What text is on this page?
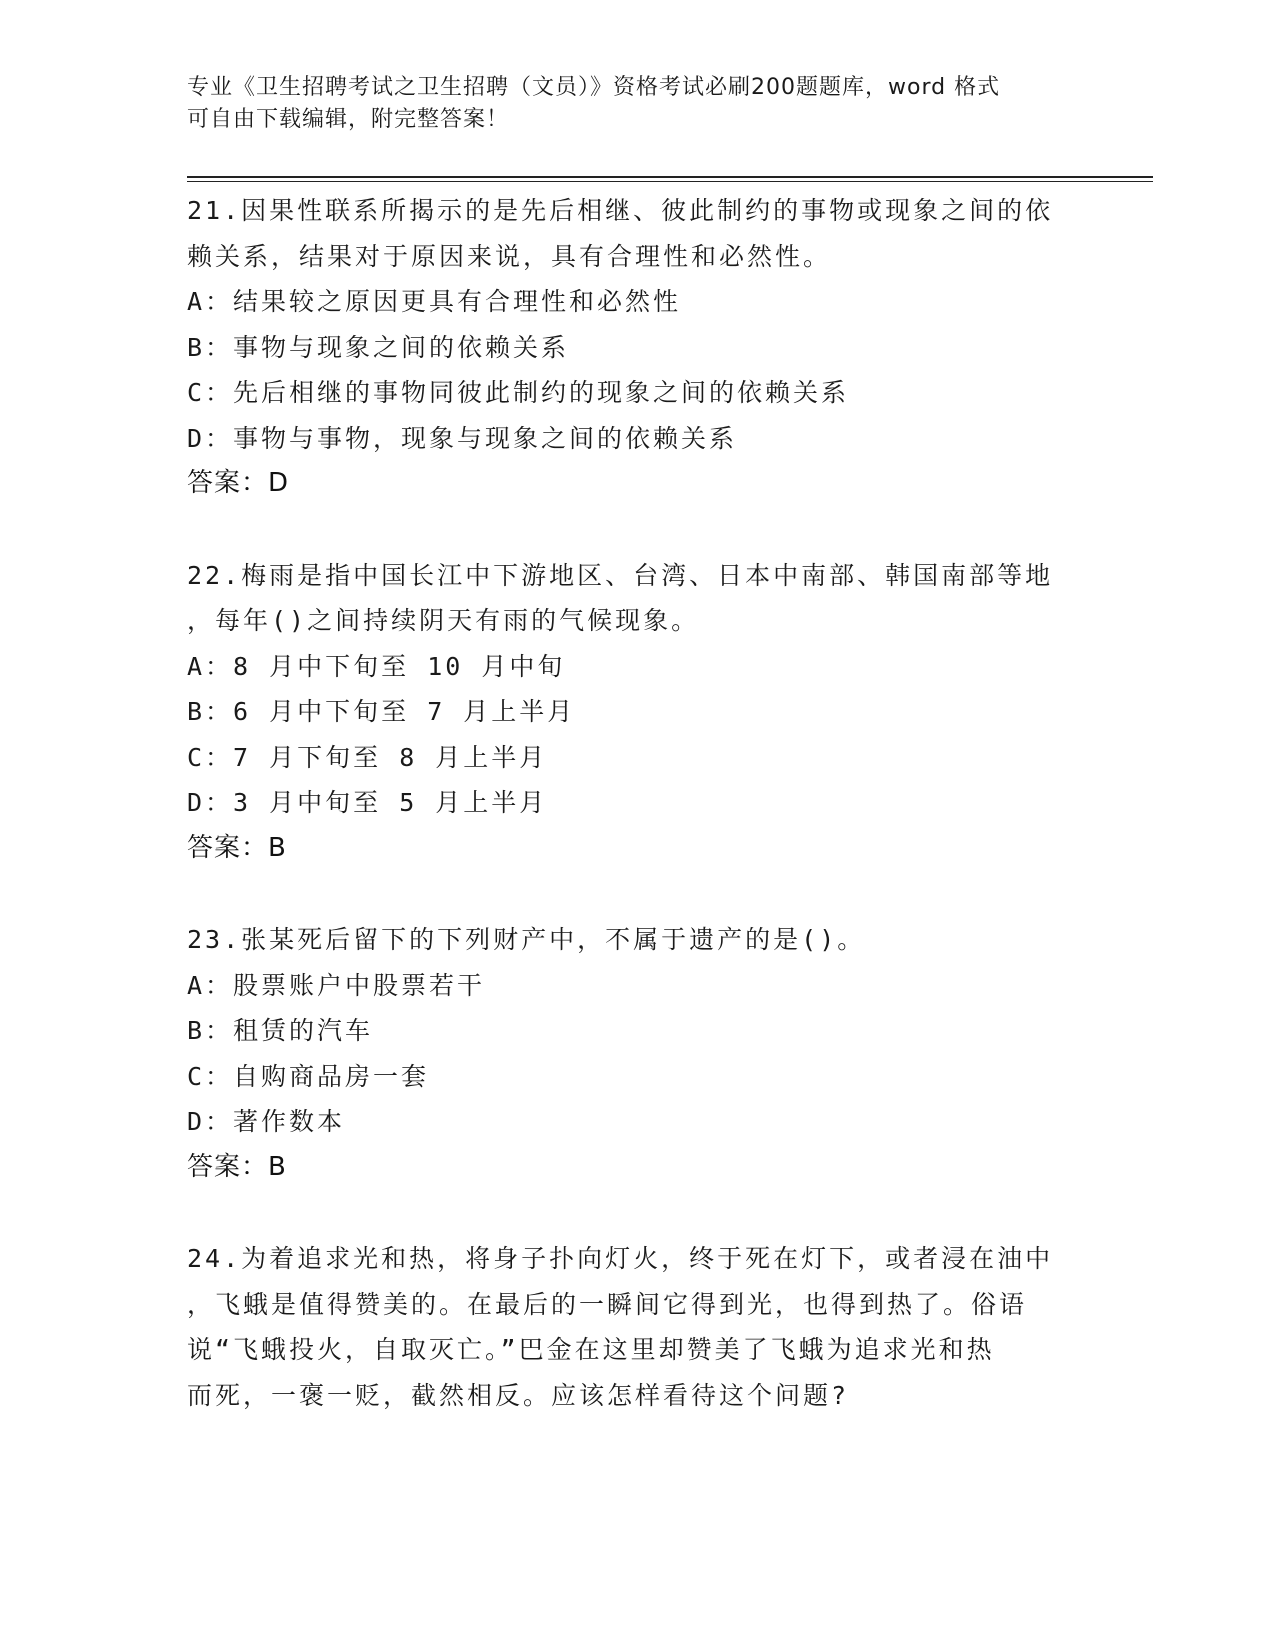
专业《卫生招聘考试之卫生招聘（文员）》资格考试必刷200题题库，word 格式
可自由下载编辑，附完整答案！
21.因果性联系所揭示的是先后相继、彼此制约的事物或现象之间的依
赖关系，结果对于原因来说，具有合理性和必然性。
A：结果较之原因更具有合理性和必然性
B：事物与现象之间的依赖关系
C：先后相继的事物同彼此制约的现象之间的依赖关系
D：事物与事物，现象与现象之间的依赖关系
答案：D
22.梅雨是指中国长江中下游地区、台湾、日本中南部、韩国南部等地
，每年()之间持续阴天有雨的气候现象。
A：8 月中下旬至 10 月中旬
B：6 月中下旬至 7 月上半月
C：7 月下旬至 8 月上半月
D：3 月中旬至 5 月上半月
答案：B
23.张某死后留下的下列财产中，不属于遗产的是()。
A：股票账户中股票若干
B：租赁的汽车
C：自购商品房一套
D：著作数本
答案：B
24.为着追求光和热，将身子扑向灯火，终于死在灯下，或者浸在油中
，飞蛾是值得赞美的。在最后的一瞬间它得到光，也得到热了。俗语
说“飞蛾投火，自取灭亡。”巴金在这里却赞美了飞蛾为追求光和热
而死，一褒一贬，截然相反。应该怎样看待这个问题?
